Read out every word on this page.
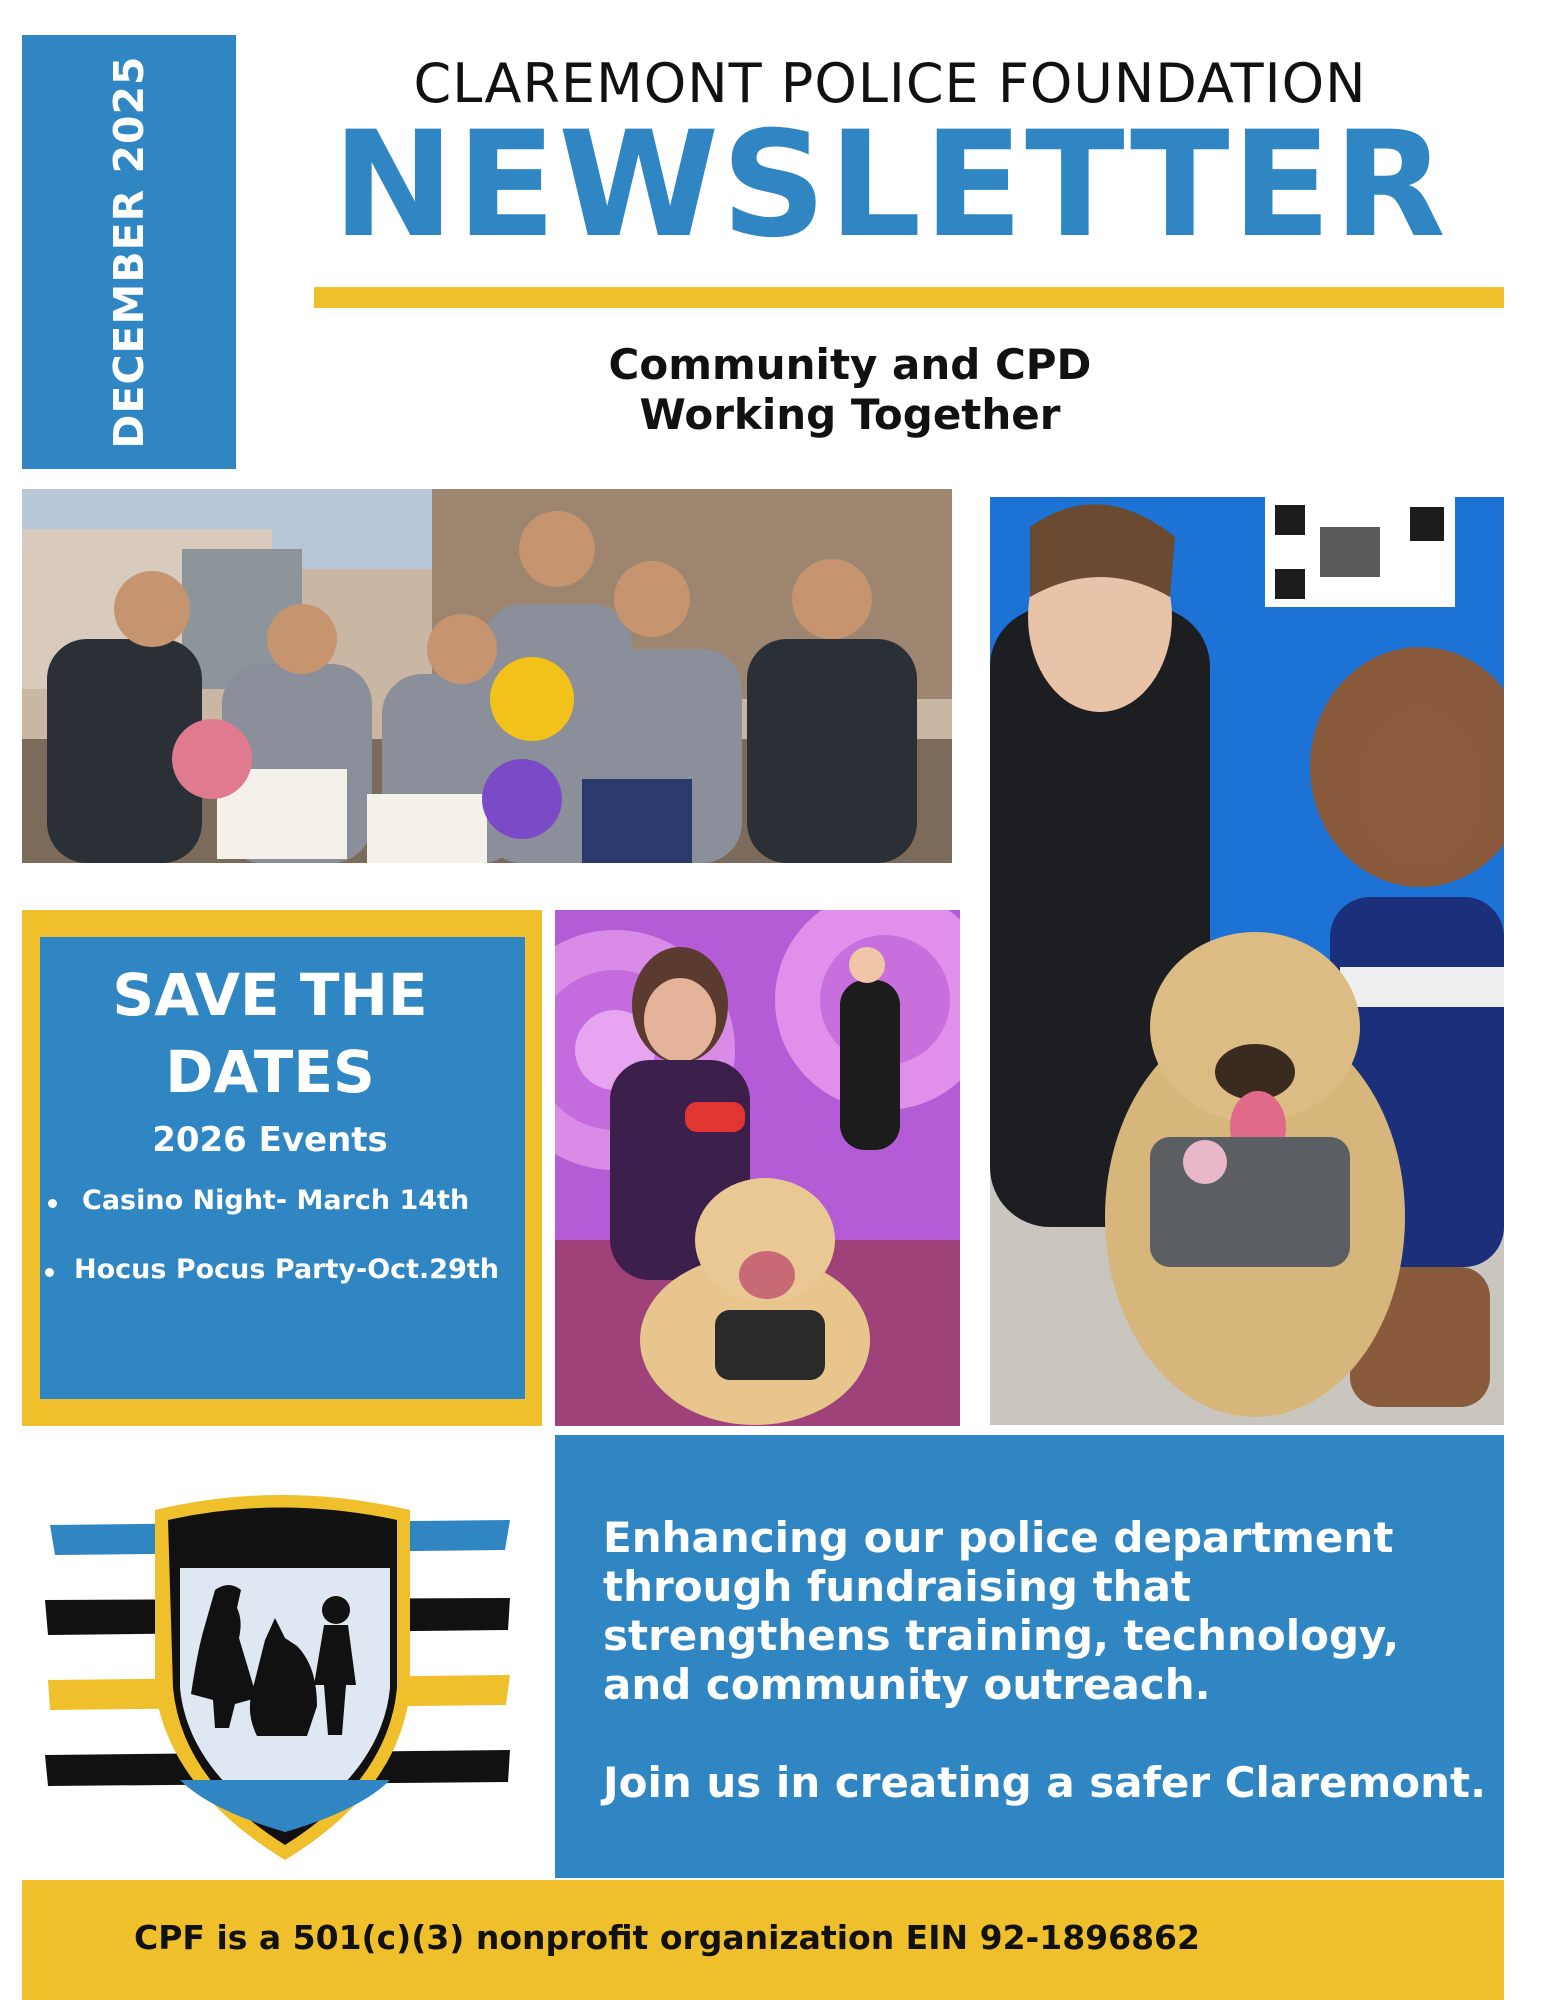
DECEMBER 2025	CLAREMONT POLICE FOUNDATION
NEWSLETTER
Community and CPD
Working Together
SAVE THE
DATES
2026 Events
Casino Night- March 14th
Hocus Pocus Party-Oct.29th
Enhancing our police department through fundraising that strengthens training, technology, and community outreach.
Join us in creating a safer Claremont.
CPF is a 501(c)(3) nonprofit organization EIN 92-1896862
